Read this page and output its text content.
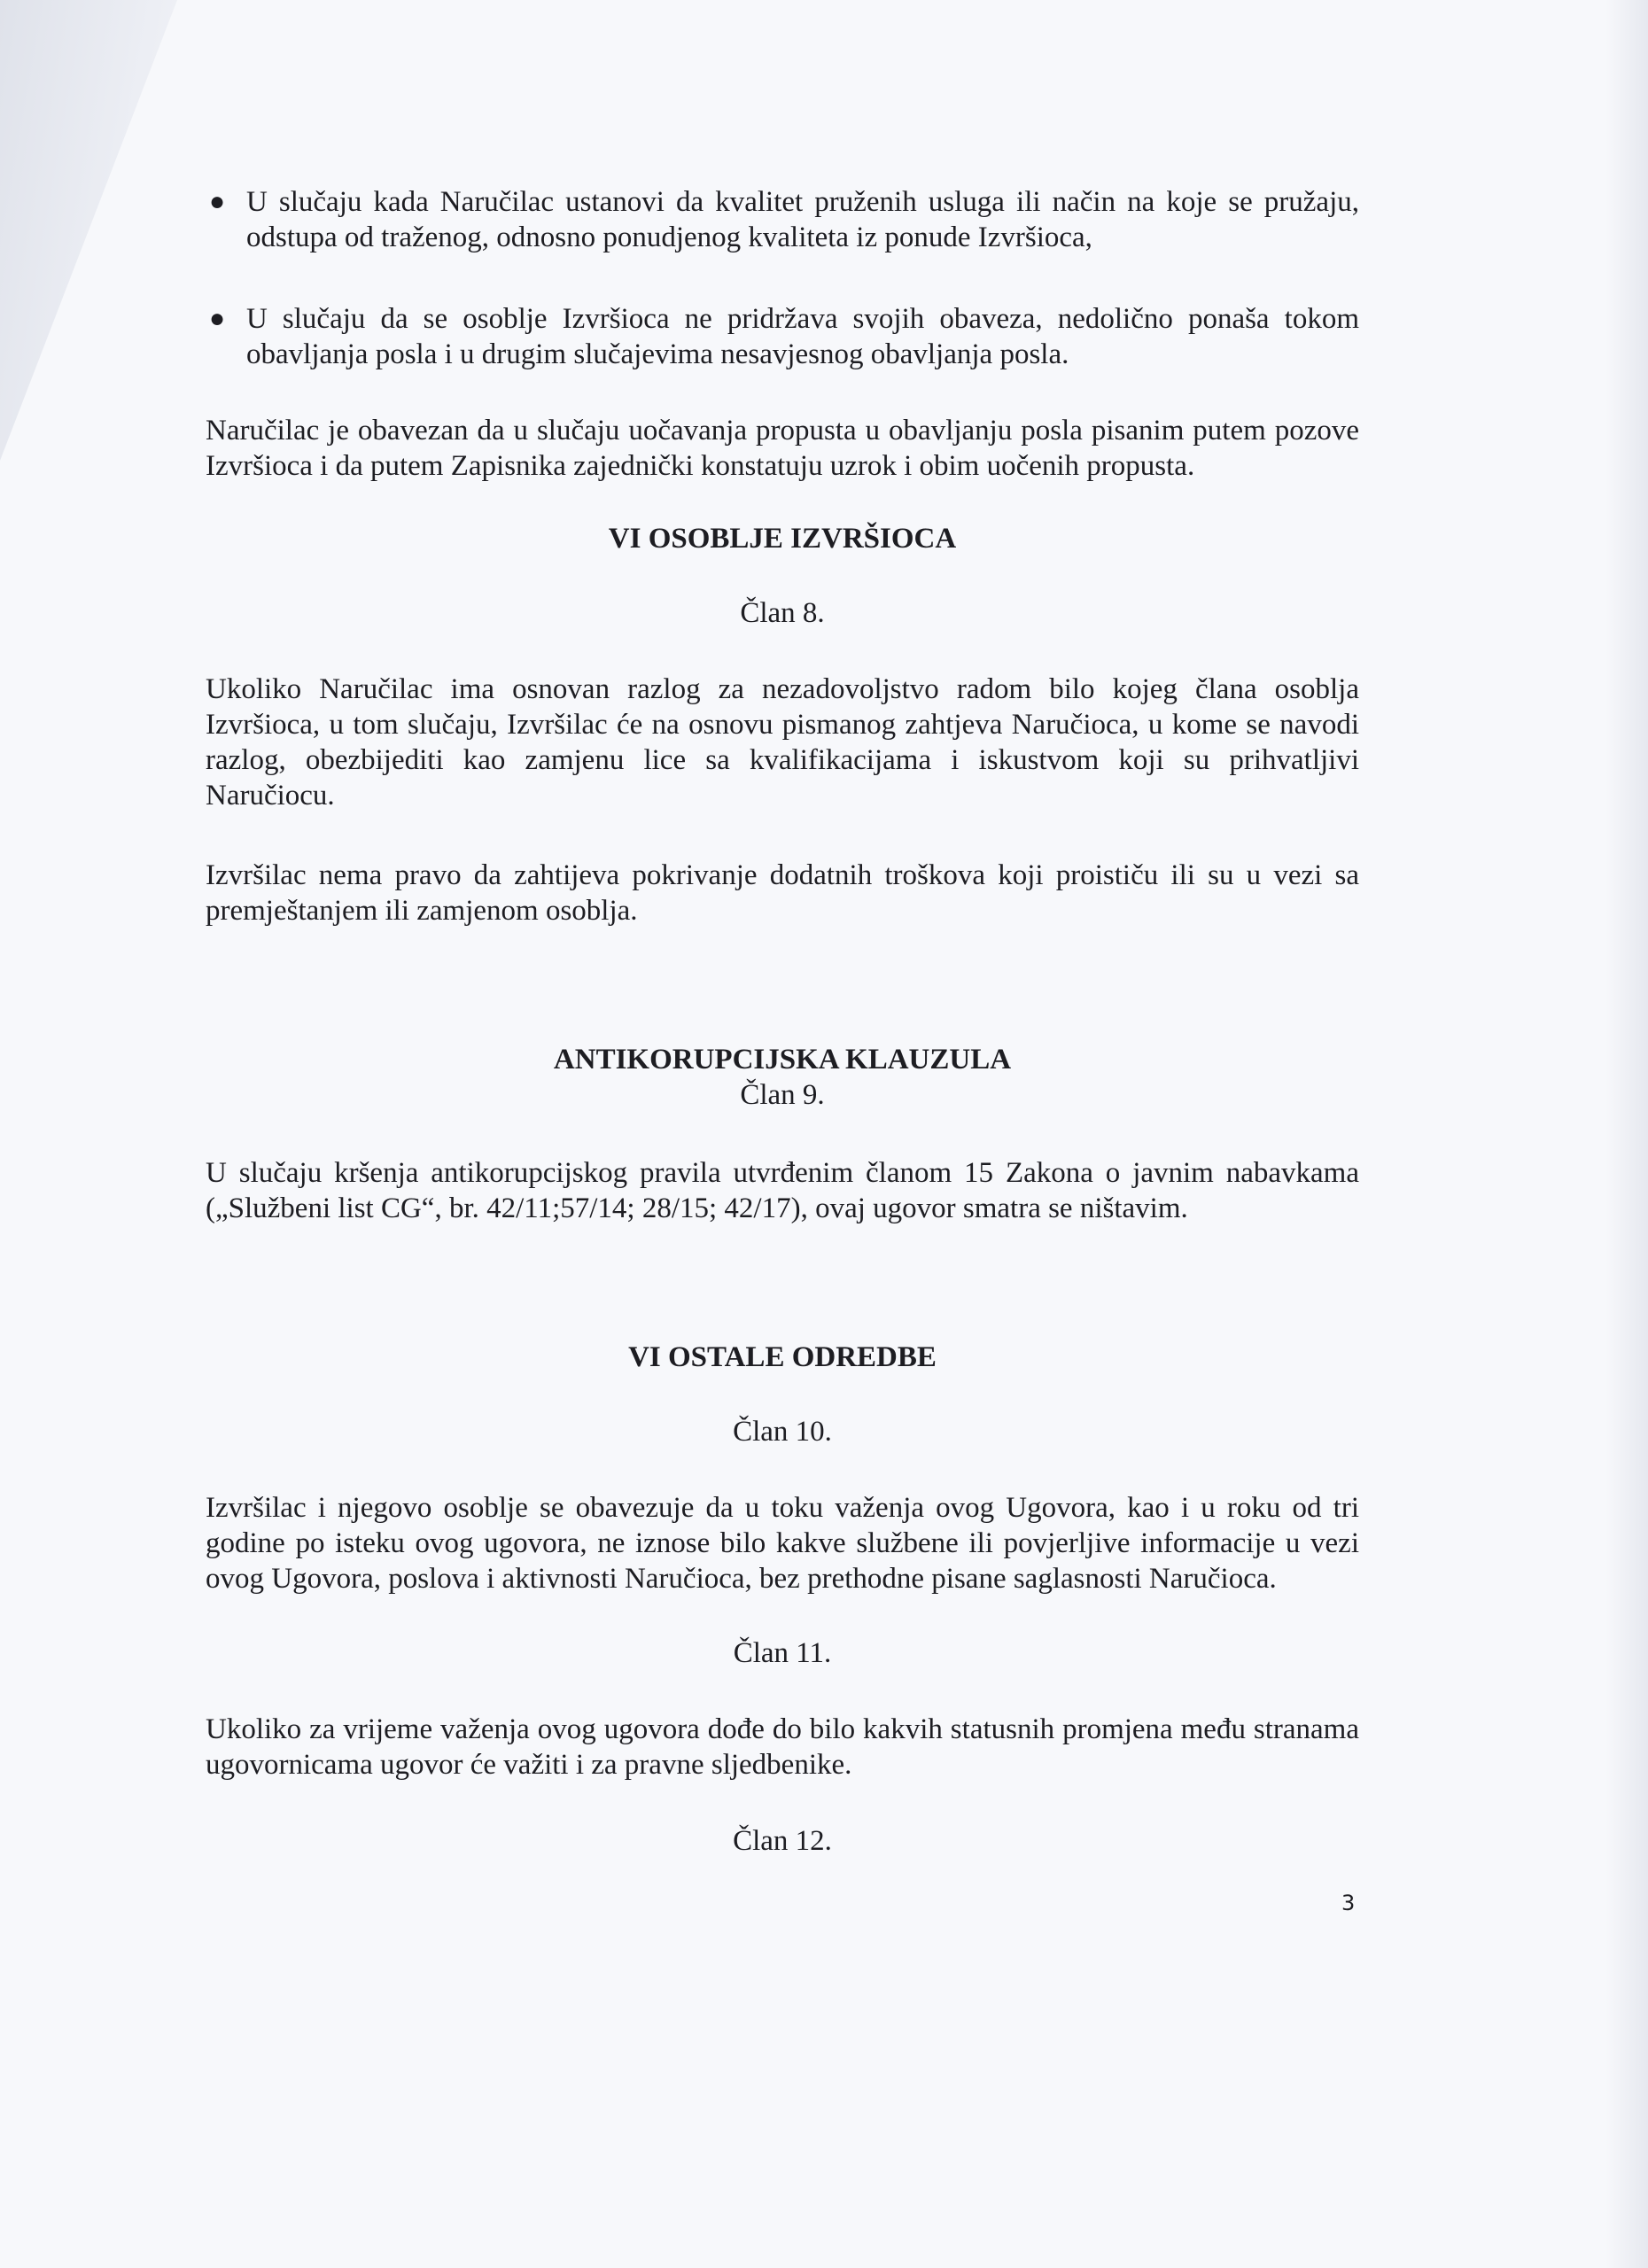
● U slučaju kada Naručilac ustanovi da kvalitet pruženih usluga ili način na koje se pružaju, odstupa od traženog, odnosno ponudjenog kvaliteta iz ponude Izvršioca,
● U slučaju da se osoblje Izvršioca ne pridržava svojih obaveza, nedolično ponaša tokom obavljanja posla i u drugim slučajevima nesavjesnog obavljanja posla.
Naručilac je obavezan da u slučaju uočavanja propusta u obavljanju posla pisanim putem pozove Izvršioca i da putem Zapisnika zajednički konstatuju uzrok i obim uočenih propusta.
VI OSOBLJE IZVRŠIOCA
Član 8.
Ukoliko Naručilac ima osnovan razlog za nezadovoljstvo radom bilo kojeg člana osoblja Izvršioca, u tom slučaju, Izvršilac će na osnovu pismanog zahtjeva Naručioca, u kome se navodi razlog, obezbijediti kao zamjenu lice sa kvalifikacijama i iskustvom koji su prihvatljivi Naručiocu.
Izvršilac nema pravo da zahtijeva pokrivanje dodatnih troškova koji proističu ili su u vezi sa premještanjem ili zamjenom osoblja.
ANTIKORUPCIJSKA KLAUZULA
Član 9.
U slučaju kršenja antikorupcijskog pravila utvrđenim članom 15 Zakona o javnim nabavkama („Službeni list CG“, br. 42/11;57/14; 28/15; 42/17), ovaj ugovor smatra se ništavim.
VI OSTALE ODREDBE
Član 10.
Izvršilac i njegovo osoblje se obavezuje da u toku važenja ovog Ugovora, kao i u roku od tri godine po isteku ovog ugovora, ne iznose bilo kakve službene ili povjerljive informacije u vezi ovog Ugovora, poslova i aktivnosti Naručioca, bez prethodne pisane saglasnosti Naručioca.
Član 11.
Ukoliko za vrijeme važenja ovog ugovora dođe do bilo kakvih statusnih promjena među stranama ugovornicama ugovor će važiti i za pravne sljedbenike.
Član 12.
3
